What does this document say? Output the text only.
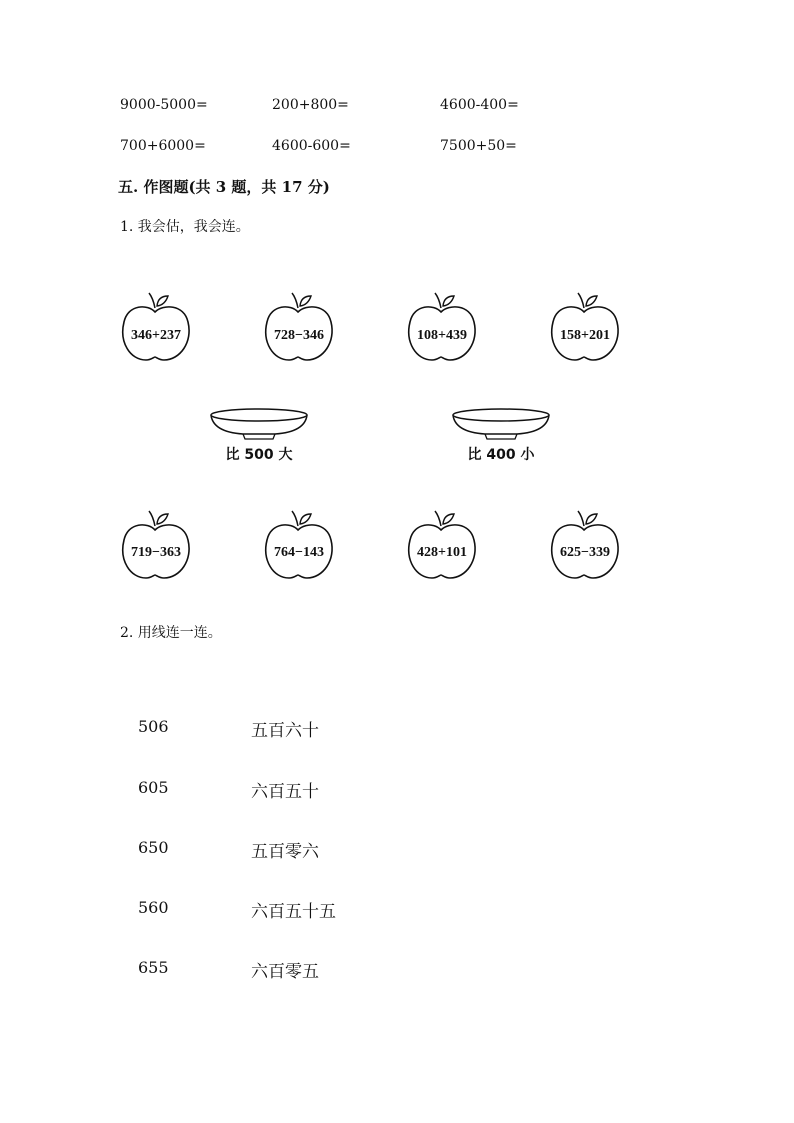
9000-5000=	200+800=	4600-400=
700+6000=	4600-600=	7500+50=
五. 作图题(共 3 题，共 17 分)
1. 我会估，我会连。
346+237	728−346	108+439	158+201
比 500 大	比 400 小
719−363	764−143	428+101	625−339
2. 用线连一连。
506
605
650
560
655
五百六十
六百五十
五百零六
六百五十五
六百零五
